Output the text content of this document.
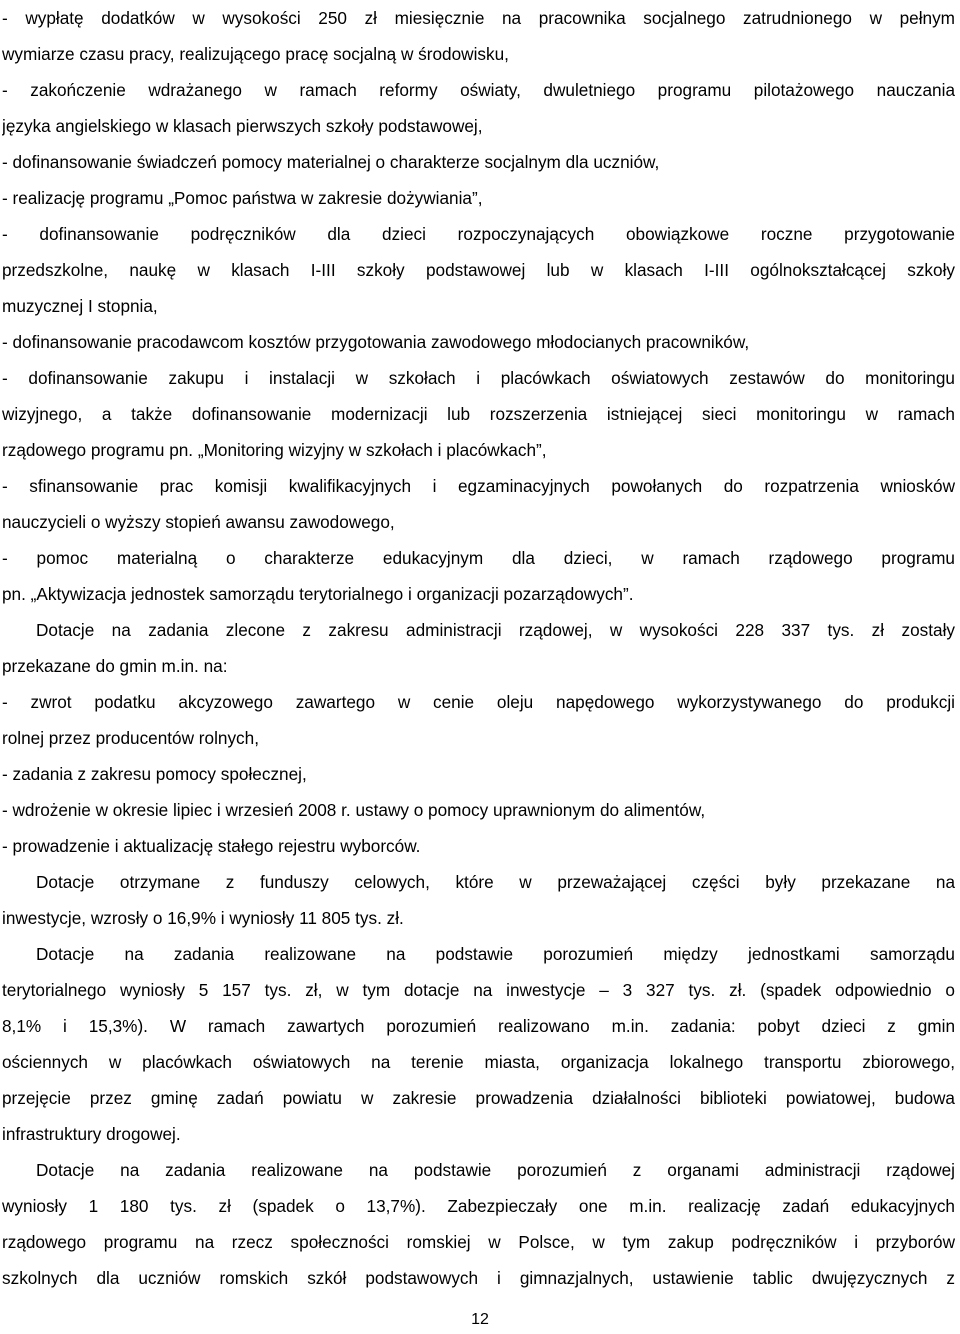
- wypłatę dodatków w wysokości 250 zł miesięcznie na pracownika socjalnego zatrudnionego w pełnym
wymiarze czasu pracy, realizującego pracę socjalną w środowisku,
- zakończenie wdrażanego w ramach reformy oświaty, dwuletniego programu pilotażowego nauczania
języka angielskiego w klasach pierwszych szkoły podstawowej,
- dofinansowanie świadczeń pomocy materialnej o charakterze socjalnym dla uczniów,
- realizację programu „Pomoc państwa w zakresie dożywiania”,
- dofinansowanie podręczników dla dzieci rozpoczynających obowiązkowe roczne przygotowanie
przedszkolne, naukę w klasach I-III szkoły podstawowej lub w klasach I-III ogólnokształcącej szkoły
muzycznej I stopnia,
- dofinansowanie pracodawcom kosztów przygotowania zawodowego młodocianych pracowników,
- dofinansowanie zakupu i instalacji w szkołach i placówkach oświatowych zestawów do monitoringu
wizyjnego, a także dofinansowanie modernizacji lub rozszerzenia istniejącej sieci monitoringu w ramach
rządowego programu pn. „Monitoring wizyjny w szkołach i placówkach”,
- sfinansowanie prac komisji kwalifikacyjnych i egzaminacyjnych powołanych do rozpatrzenia wniosków
nauczycieli o wyższy stopień awansu zawodowego,
- pomoc materialną o charakterze edukacyjnym dla dzieci, w ramach rządowego programu
pn. „Aktywizacja jednostek samorządu terytorialnego i organizacji pozarządowych”.
Dotacje na zadania zlecone z zakresu administracji rządowej, w wysokości 228 337 tys. zł zostały
przekazane do gmin m.in. na:
- zwrot podatku akcyzowego zawartego w cenie oleju napędowego wykorzystywanego do produkcji
rolnej przez producentów rolnych,
- zadania z zakresu pomocy społecznej,
- wdrożenie w okresie lipiec i wrzesień 2008 r. ustawy o pomocy uprawnionym do alimentów,
- prowadzenie i aktualizację stałego rejestru wyborców.
Dotacje otrzymane z funduszy celowych, które w przeważającej części były przekazane na
inwestycje, wzrosły o 16,9% i wyniosły 11 805 tys. zł.
Dotacje na zadania realizowane na podstawie porozumień między jednostkami samorządu
terytorialnego wyniosły 5 157 tys. zł, w tym dotacje na inwestycje – 3 327 tys. zł. (spadek odpowiednio o
8,1% i 15,3%). W ramach zawartych porozumień realizowano m.in. zadania: pobyt dzieci z gmin
ościennych w placówkach oświatowych na terenie miasta, organizacja lokalnego transportu zbiorowego,
przejęcie przez gminę zadań powiatu w zakresie prowadzenia działalności biblioteki powiatowej, budowa
infrastruktury drogowej.
Dotacje na zadania realizowane na podstawie porozumień z organami administracji rządowej
wyniosły 1 180 tys. zł (spadek o 13,7%). Zabezpieczały one m.in. realizację zadań edukacyjnych
rządowego programu na rzecz społeczności romskiej w Polsce, w tym zakup podręczników i przyborów
szkolnych dla uczniów romskich szkół podstawowych i gimnazjalnych, ustawienie tablic dwujęzycznych z
12
